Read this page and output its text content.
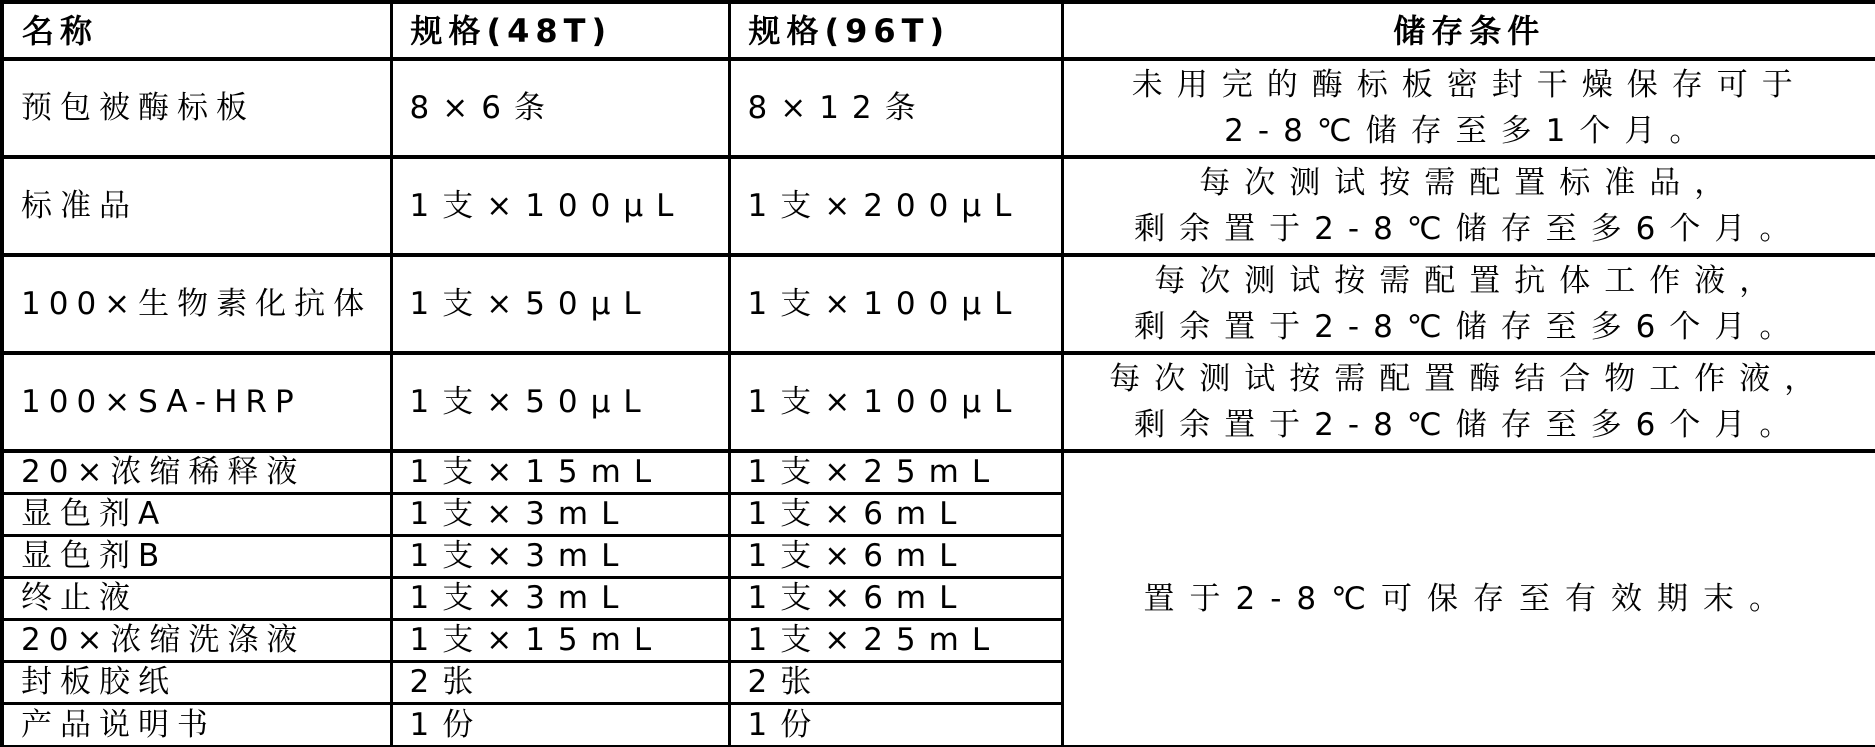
名称	规格(48T)	规格(96T)	储存条件
预包被酶标板	8×6条	8×12条	未用完的酶标板密封干燥保存可于
2-8℃储存至多1个月。

标准品	1支×100μL	1支×200μL	每次测试按需配置标准品，
剩余置于2-8℃储存至多6个月。

100×生物素化抗体	1支×50μL	1支×100μL	每次测试按需配置抗体工作液，
剩余置于2-8℃储存至多6个月。

100×SA-HRP	1支×50μL	1支×100μL	每次测试按需配置酶结合物工作液，
剩余置于2-8℃储存至多6个月。

20×浓缩稀释液	1支×15mL	1支×25mL	置于2-8℃可保存至有效期末。

显色剂A	1支×3mL	1支×6mL	
显色剂B	1支×3mL	1支×6mL	
终止液	1支×3mL	1支×6mL	
20×浓缩洗涤液	1支×15mL	1支×25mL	
封板胶纸	2张	2张	
产品说明书	1份	1份	
